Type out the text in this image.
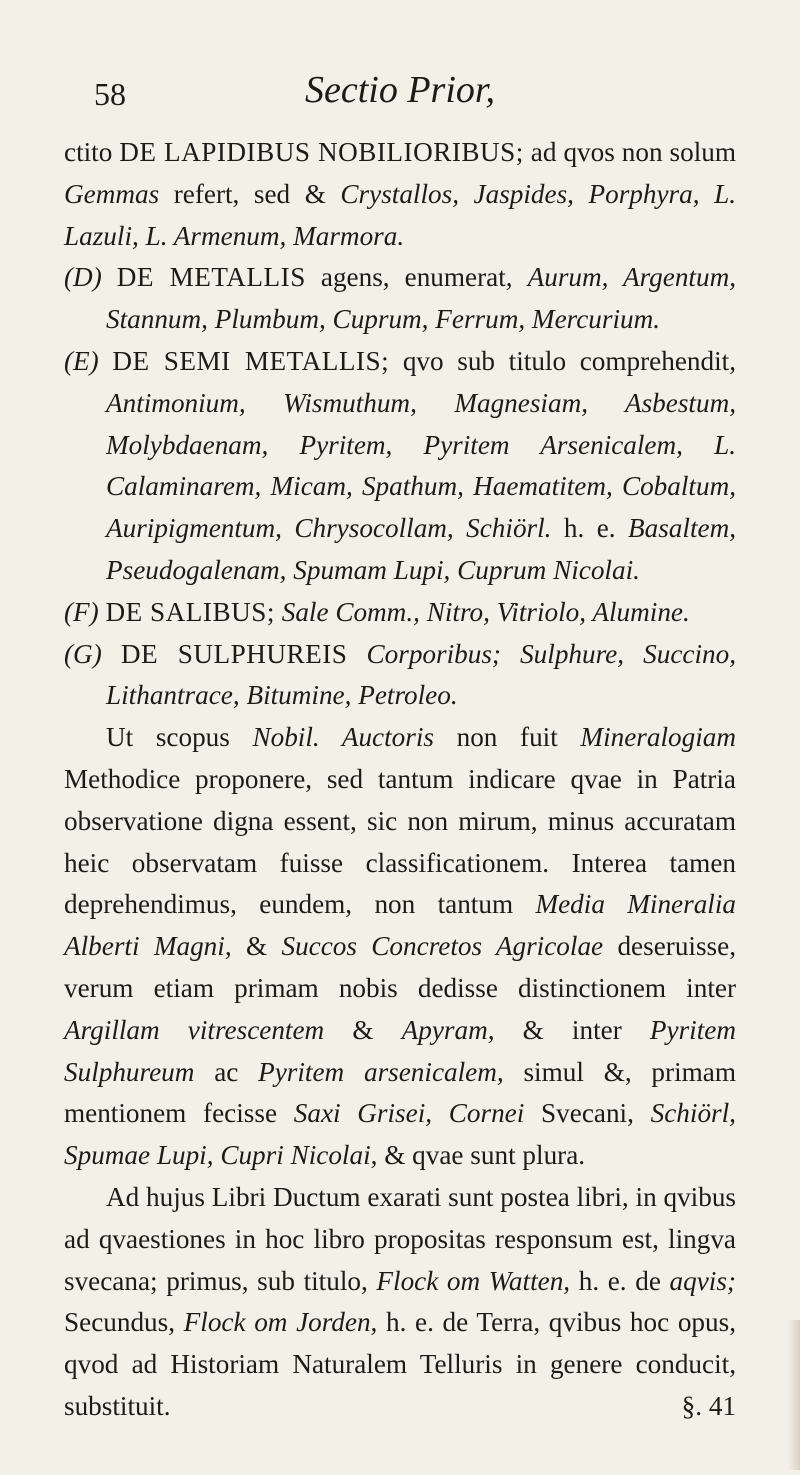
58	Sectio Prior,

ctito DE LAPIDIBUS NOBILIORIBUS; ad qvos non solum Gemmas refert, sed & Crystallos, Jaspides, Porphyra, L. Lazuli, L. Armenum, Marmora.

(D) DE METALLIS agens, enumerat, Aurum, Argentum, Stannum, Plumbum, Cuprum, Ferrum, Mercurium.

(E) DE SEMI METALLIS; qvo sub titulo comprehendit, Antimonium, Wismuthum, Magnesiam, Asbestum, Molybdaenam, Pyritem, Pyritem Arsenicalem, L. Calaminarem, Micam, Spathum, Haematitem, Cobaltum, Auripigmentum, Chrysocollam, Schiörl. h. e. Basaltem, Pseudogalenam, Spumam Lupi, Cuprum Nicolai.

(F) DE SALIBUS; Sale Comm., Nitro, Vitriolo, Alumine.

(G) DE SULPHUREIS Corporibus; Sulphure, Succino, Lithantrace, Bitumine, Petroleo.

Ut scopus Nobil. Auctoris non fuit Mineralogiam Methodice proponere, sed tantum indicare qvae in Patria observatione digna essent, sic non mirum, minus accuratam heic observatam fuisse classificationem. Interea tamen deprehendimus, eundem, non tantum Media Mineralia Alberti Magni, & Succos Concretos Agricolae deseruisse, verum etiam primam nobis dedisse distinctionem inter Argillam vitrescentem & Apyram, & inter Pyritem Sulphureum ac Pyritem arsenicalem, simul &, primam mentionem fecisse Saxi Grisei, Cornei Svecani, Schiörl, Spumae Lupi, Cupri Nicolai, & qvae sunt plura.

Ad hujus Libri Ductum exarati sunt postea libri, in qvibus ad qvaestiones in hoc libro propositas responsum est, lingva svecana; primus, sub titulo, Flock om Watten, h. e. de aqvis; Secundus, Flock om Jorden, h. e. de Terra, qvibus hoc opus, qvod ad Historiam Naturalem Telluris in genere conducit, substituit.	§. 41
